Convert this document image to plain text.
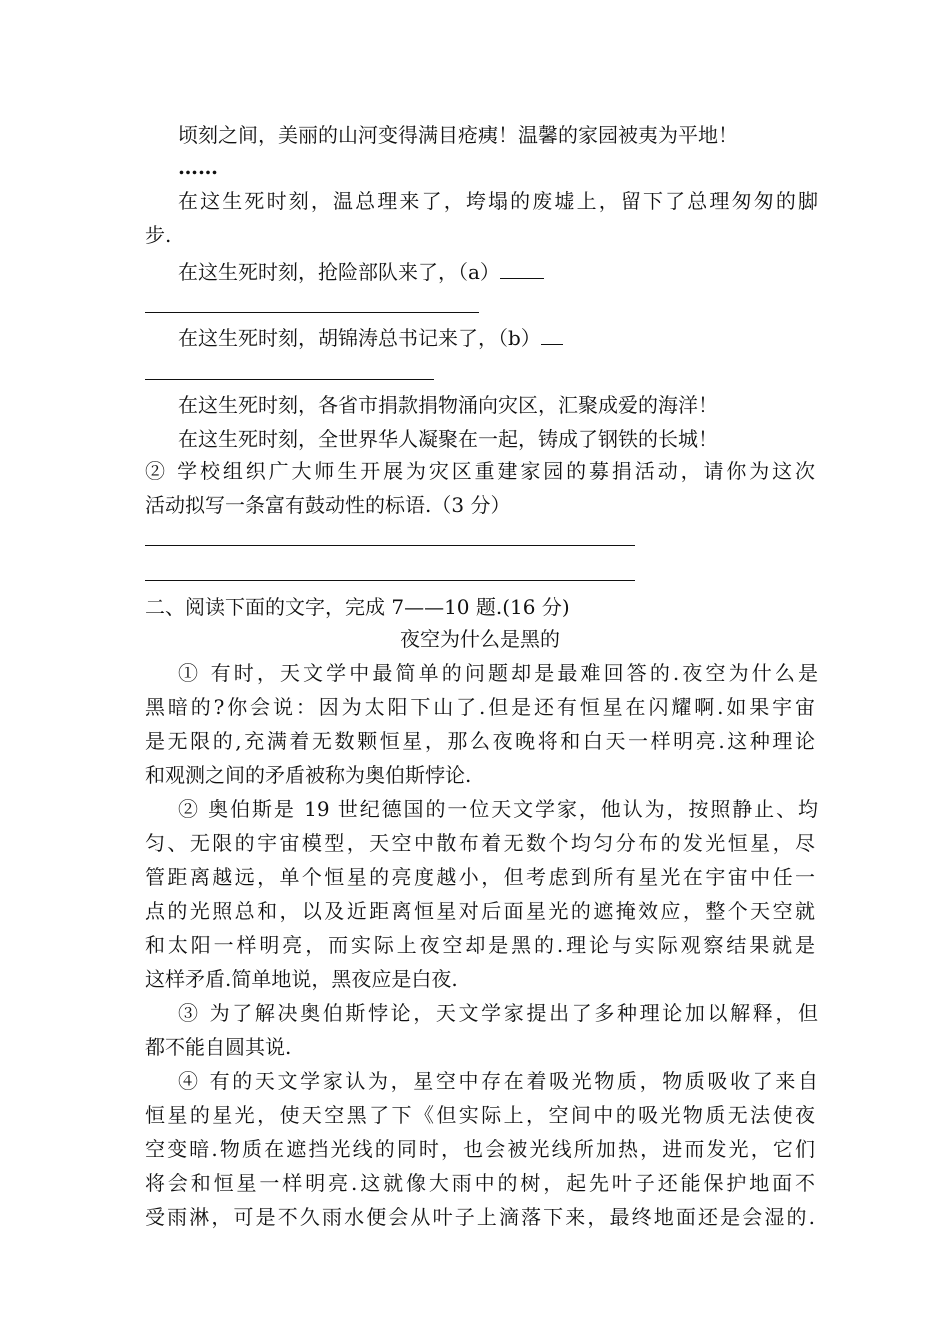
顷刻之间，美丽的山河变得满目疮痍！温馨的家园被夷为平地！
……
在这生死时刻，温总理来了，垮塌的废墟上，留下了总理匆匆的脚
步.
在这生死时刻，抢险部队来了，（a）
在这生死时刻，胡锦涛总书记来了，（b）
在这生死时刻，各省市捐款捐物涌向灾区，汇聚成爱的海洋！
在这生死时刻，全世界华人凝聚在一起，铸成了钢铁的长城！
② 学校组织广大师生开展为灾区重建家园的募捐活动，请你为这次
活动拟写一条富有鼓动性的标语.（3 分）
二、阅读下面的文字，完成 7——10 题.(16 分)
夜空为什么是黑的
① 有时，天文学中最简单的问题却是最难回答的.夜空为什么是
黑暗的?你会说：因为太阳下山了.但是还有恒星在闪耀啊.如果宇宙
是无限的,充满着无数颗恒星，那么夜晚将和白天一样明亮.这种理论
和观测之间的矛盾被称为奥伯斯悖论.
② 奥伯斯是 19 世纪德国的一位天文学家，他认为，按照静止、均
匀、无限的宇宙模型，天空中散布着无数个均匀分布的发光恒星，尽
管距离越远，单个恒星的亮度越小，但考虑到所有星光在宇宙中任一
点的光照总和，以及近距离恒星对后面星光的遮掩效应，整个天空就
和太阳一样明亮，而实际上夜空却是黑的.理论与实际观察结果就是
这样矛盾.简单地说，黑夜应是白夜.
③ 为了解决奥伯斯悖论，天文学家提出了多种理论加以解释，但
都不能自圆其说.
④ 有的天文学家认为，星空中存在着吸光物质，物质吸收了来自
恒星的星光，使天空黑了下《但实际上，空间中的吸光物质无法使夜
空变暗.物质在遮挡光线的同时，也会被光线所加热，进而发光，它们
将会和恒星一样明亮.这就像大雨中的树，起先叶子还能保护地面不
受雨淋，可是不久雨水便会从叶子上滴落下来，最终地面还是会湿的.
